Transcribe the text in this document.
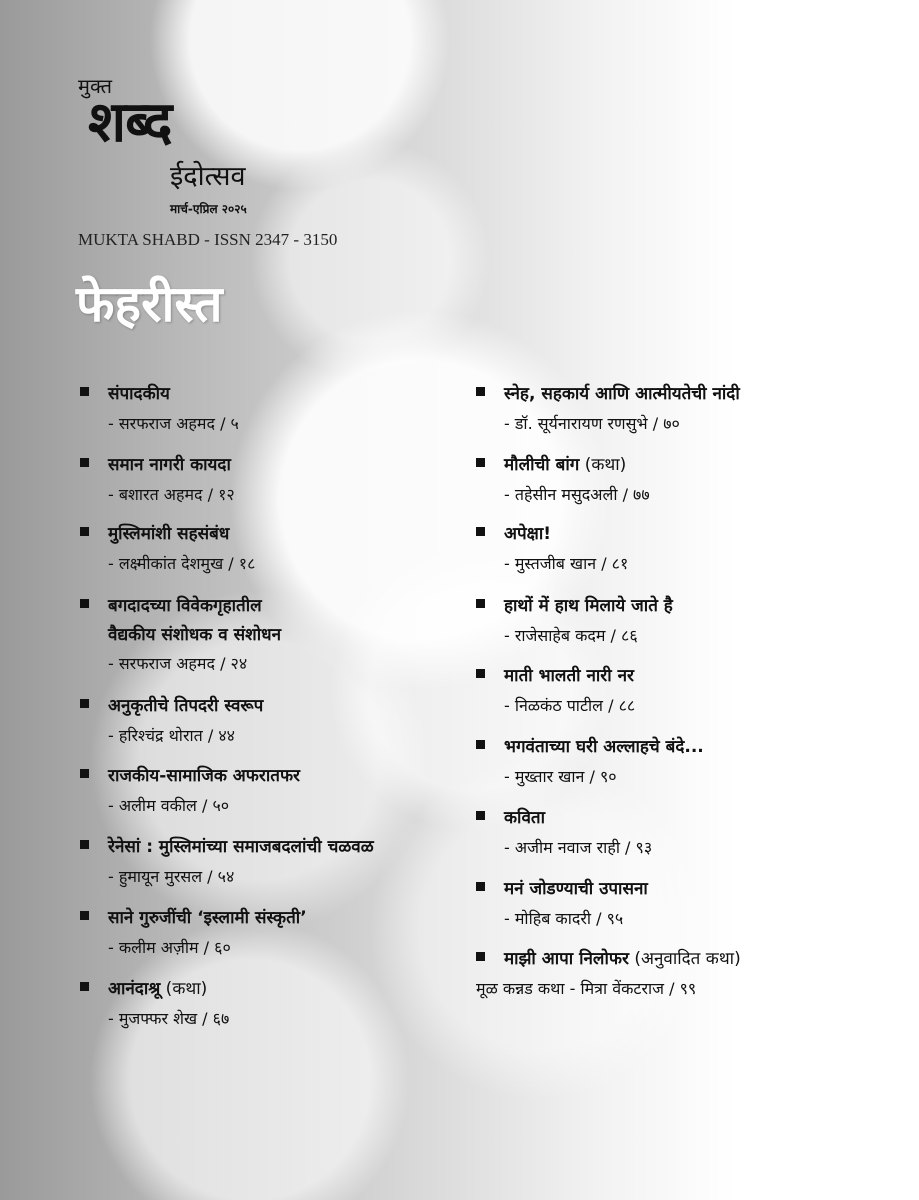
मुक्त
शब्द
ईदोत्सव
मार्च-एप्रिल २०२५
MUKTA SHABD - ISSN 2347 - 3150
फेहरीस्त
संपादकीय
- सरफराज अहमद / ५
समान नागरी कायदा
- बशारत अहमद / १२
मुस्लिमांशी सहसंबंध
- लक्ष्मीकांत देशमुख / १८
बगदादच्या विवेकगृहातील
वैद्यकीय संशोधक व संशोधन
- सरफराज अहमद / २४
अनुकृतीचे तिपदरी स्वरूप
- हरिश्चंद्र थोरात / ४४
राजकीय-सामाजिक अफरातफर
- अलीम वकील / ५०
रेनेसां : मुस्लिमांच्या समाजबदलांची चळवळ
- हुमायून मुरसल / ५४
साने गुरुजींची ‘इस्लामी संस्कृती’
- कलीम अज़ीम / ६०
आनंदाश्रू (कथा)
- मुजफ्फर शेख / ६७
स्नेह, सहकार्य आणि आत्मीयतेची नांदी
- डॉ. सूर्यनारायण रणसुभे / ७०
मौलीची बांग (कथा)
- तहेसीन मसुदअली / ७७
अपेक्षा!
- मुस्तजीब खान / ८१
हाथों में हाथ मिलाये जाते है
- राजेसाहेब कदम / ८६
माती भालती नारी नर
- निळकंठ पाटील / ८८
भगवंताच्या घरी अल्लाहचे बंदे...
- मुख्तार खान / ९०
कविता
- अजीम नवाज राही / ९३
मनं जोडण्याची उपासना
- मोहिब कादरी / ९५
माझी आपा निलोफर (अनुवादित कथा)
मूळ कन्नड कथा - मित्रा वेंकटराज / ९९
